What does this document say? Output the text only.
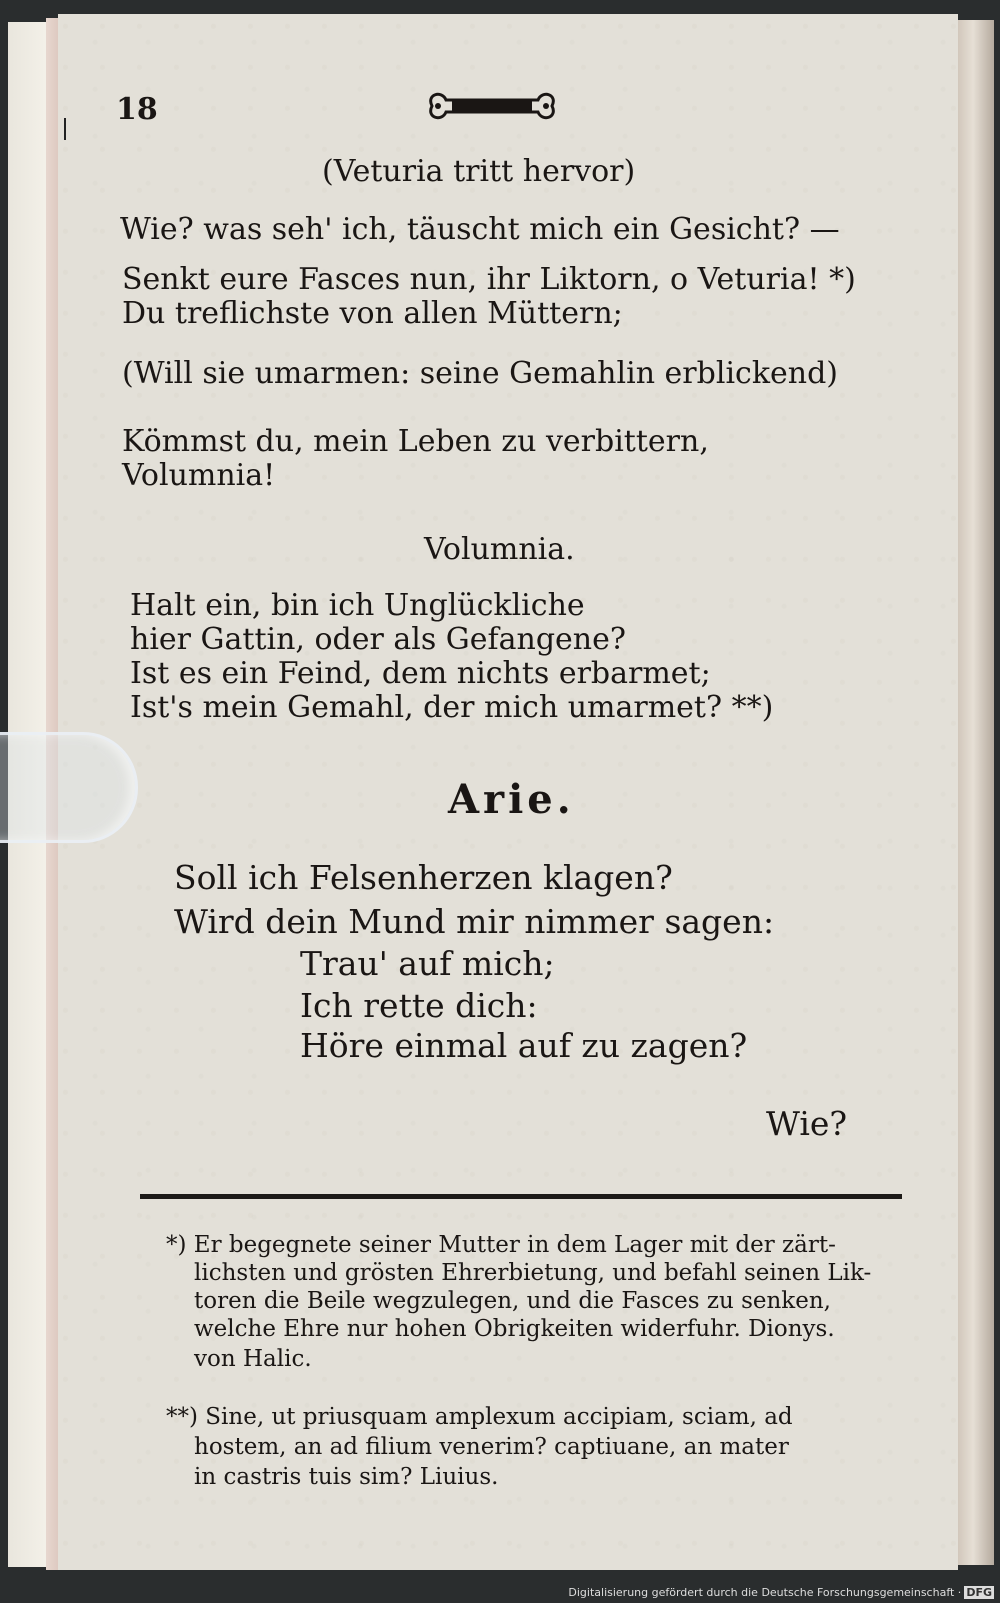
18
(Veturia tritt hervor)
Wie? was seh' ich, täuscht mich ein Gesicht? —
Senkt eure Fasces nun, ihr Liktorn, o Veturia! *)
Du treflichste von allen Müttern;
(Will sie umarmen: seine Gemahlin erblickend)
Kömmst du, mein Leben zu verbittern,
Volumnia!
Volumnia.
Halt ein, bin ich Unglückliche
hier Gattin, oder als Gefangene?
Ist es ein Feind, dem nichts erbarmet;
Ist's mein Gemahl, der mich umarmet? **)
Arie.
Soll ich Felsenherzen klagen?
Wird dein Mund mir nimmer sagen:
Trau' auf mich;
Ich rette dich:
Höre einmal auf zu zagen?
Wie?
*) Er begegnete seiner Mutter in dem Lager mit der zärt-
lichsten und grösten Ehrerbietung, und befahl seinen Lik-
toren die Beile wegzulegen, und die Fasces zu senken,
welche Ehre nur hohen Obrigkeiten widerfuhr. Dionys.
von Halic.
**) Sine, ut priusquam amplexum accipiam, sciam, ad
hostem, an ad filium venerim? captiuane, an mater
in castris tuis sim? Liuius.
Digitalisierung gefördert durch die Deutsche Forschungsgemeinschaft · DFG
